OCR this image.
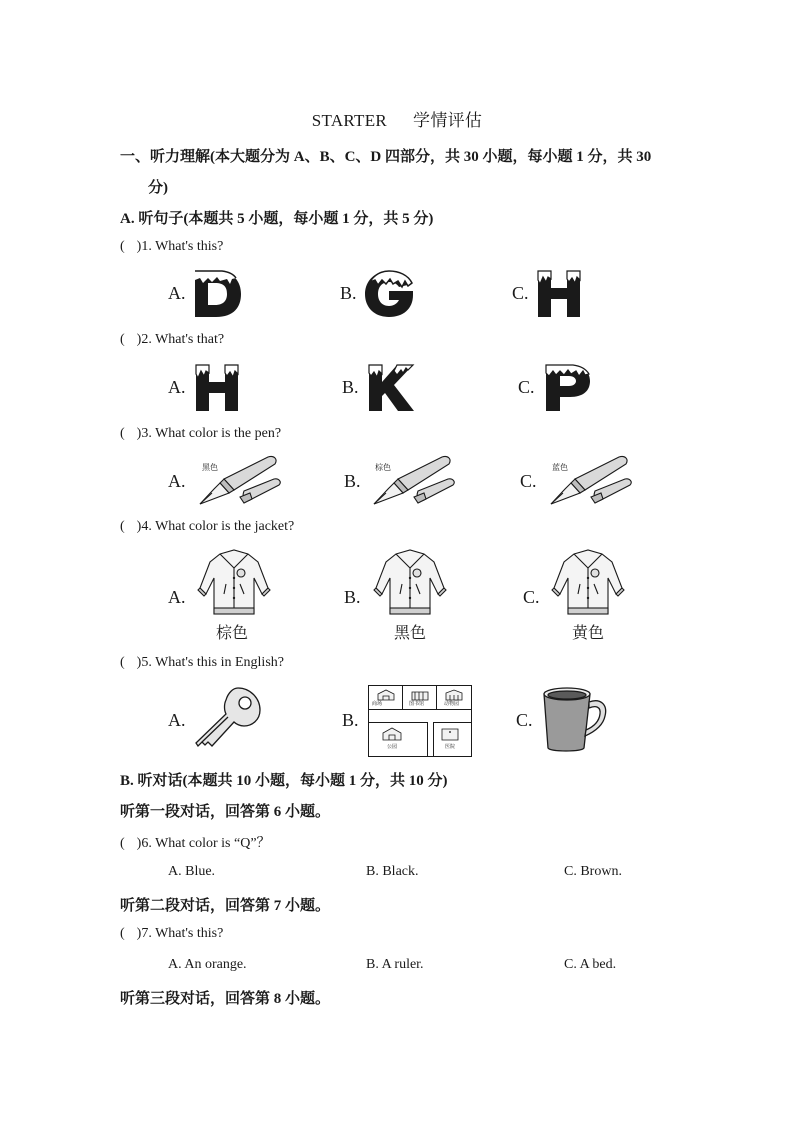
STARTER 学情评估
一、听力理解(本大题分为 A、B、C、D 四部分，共 30 小题，每小题 1 分，共 30
分)
A. 听句子(本题共 5 小题，每小题 1 分，共 5 分)
( )1. What's this?
A.	B.	C.
( )2. What's that?
A.	B.	C.
( )3. What color is the pen?
A.	B.	C.
黑色	棕色	蓝色
( )4. What color is the jacket?
A.	B.	C.
棕色	黑色	黄色
( )5. What's this in English?
A.	B.	C.
商场	图书馆	动物园
公园	医院
B. 听对话(本题共 10 小题，每小题 1 分，共 10 分)
听第一段对话，回答第 6 小题。
( )6. What color is “Q”？
A. Blue.	B. Black.	C. Brown.
听第二段对话，回答第 7 小题。
( )7. What's this?
A. An orange.	B. A ruler.	C. A bed.
听第三段对话，回答第 8 小题。
